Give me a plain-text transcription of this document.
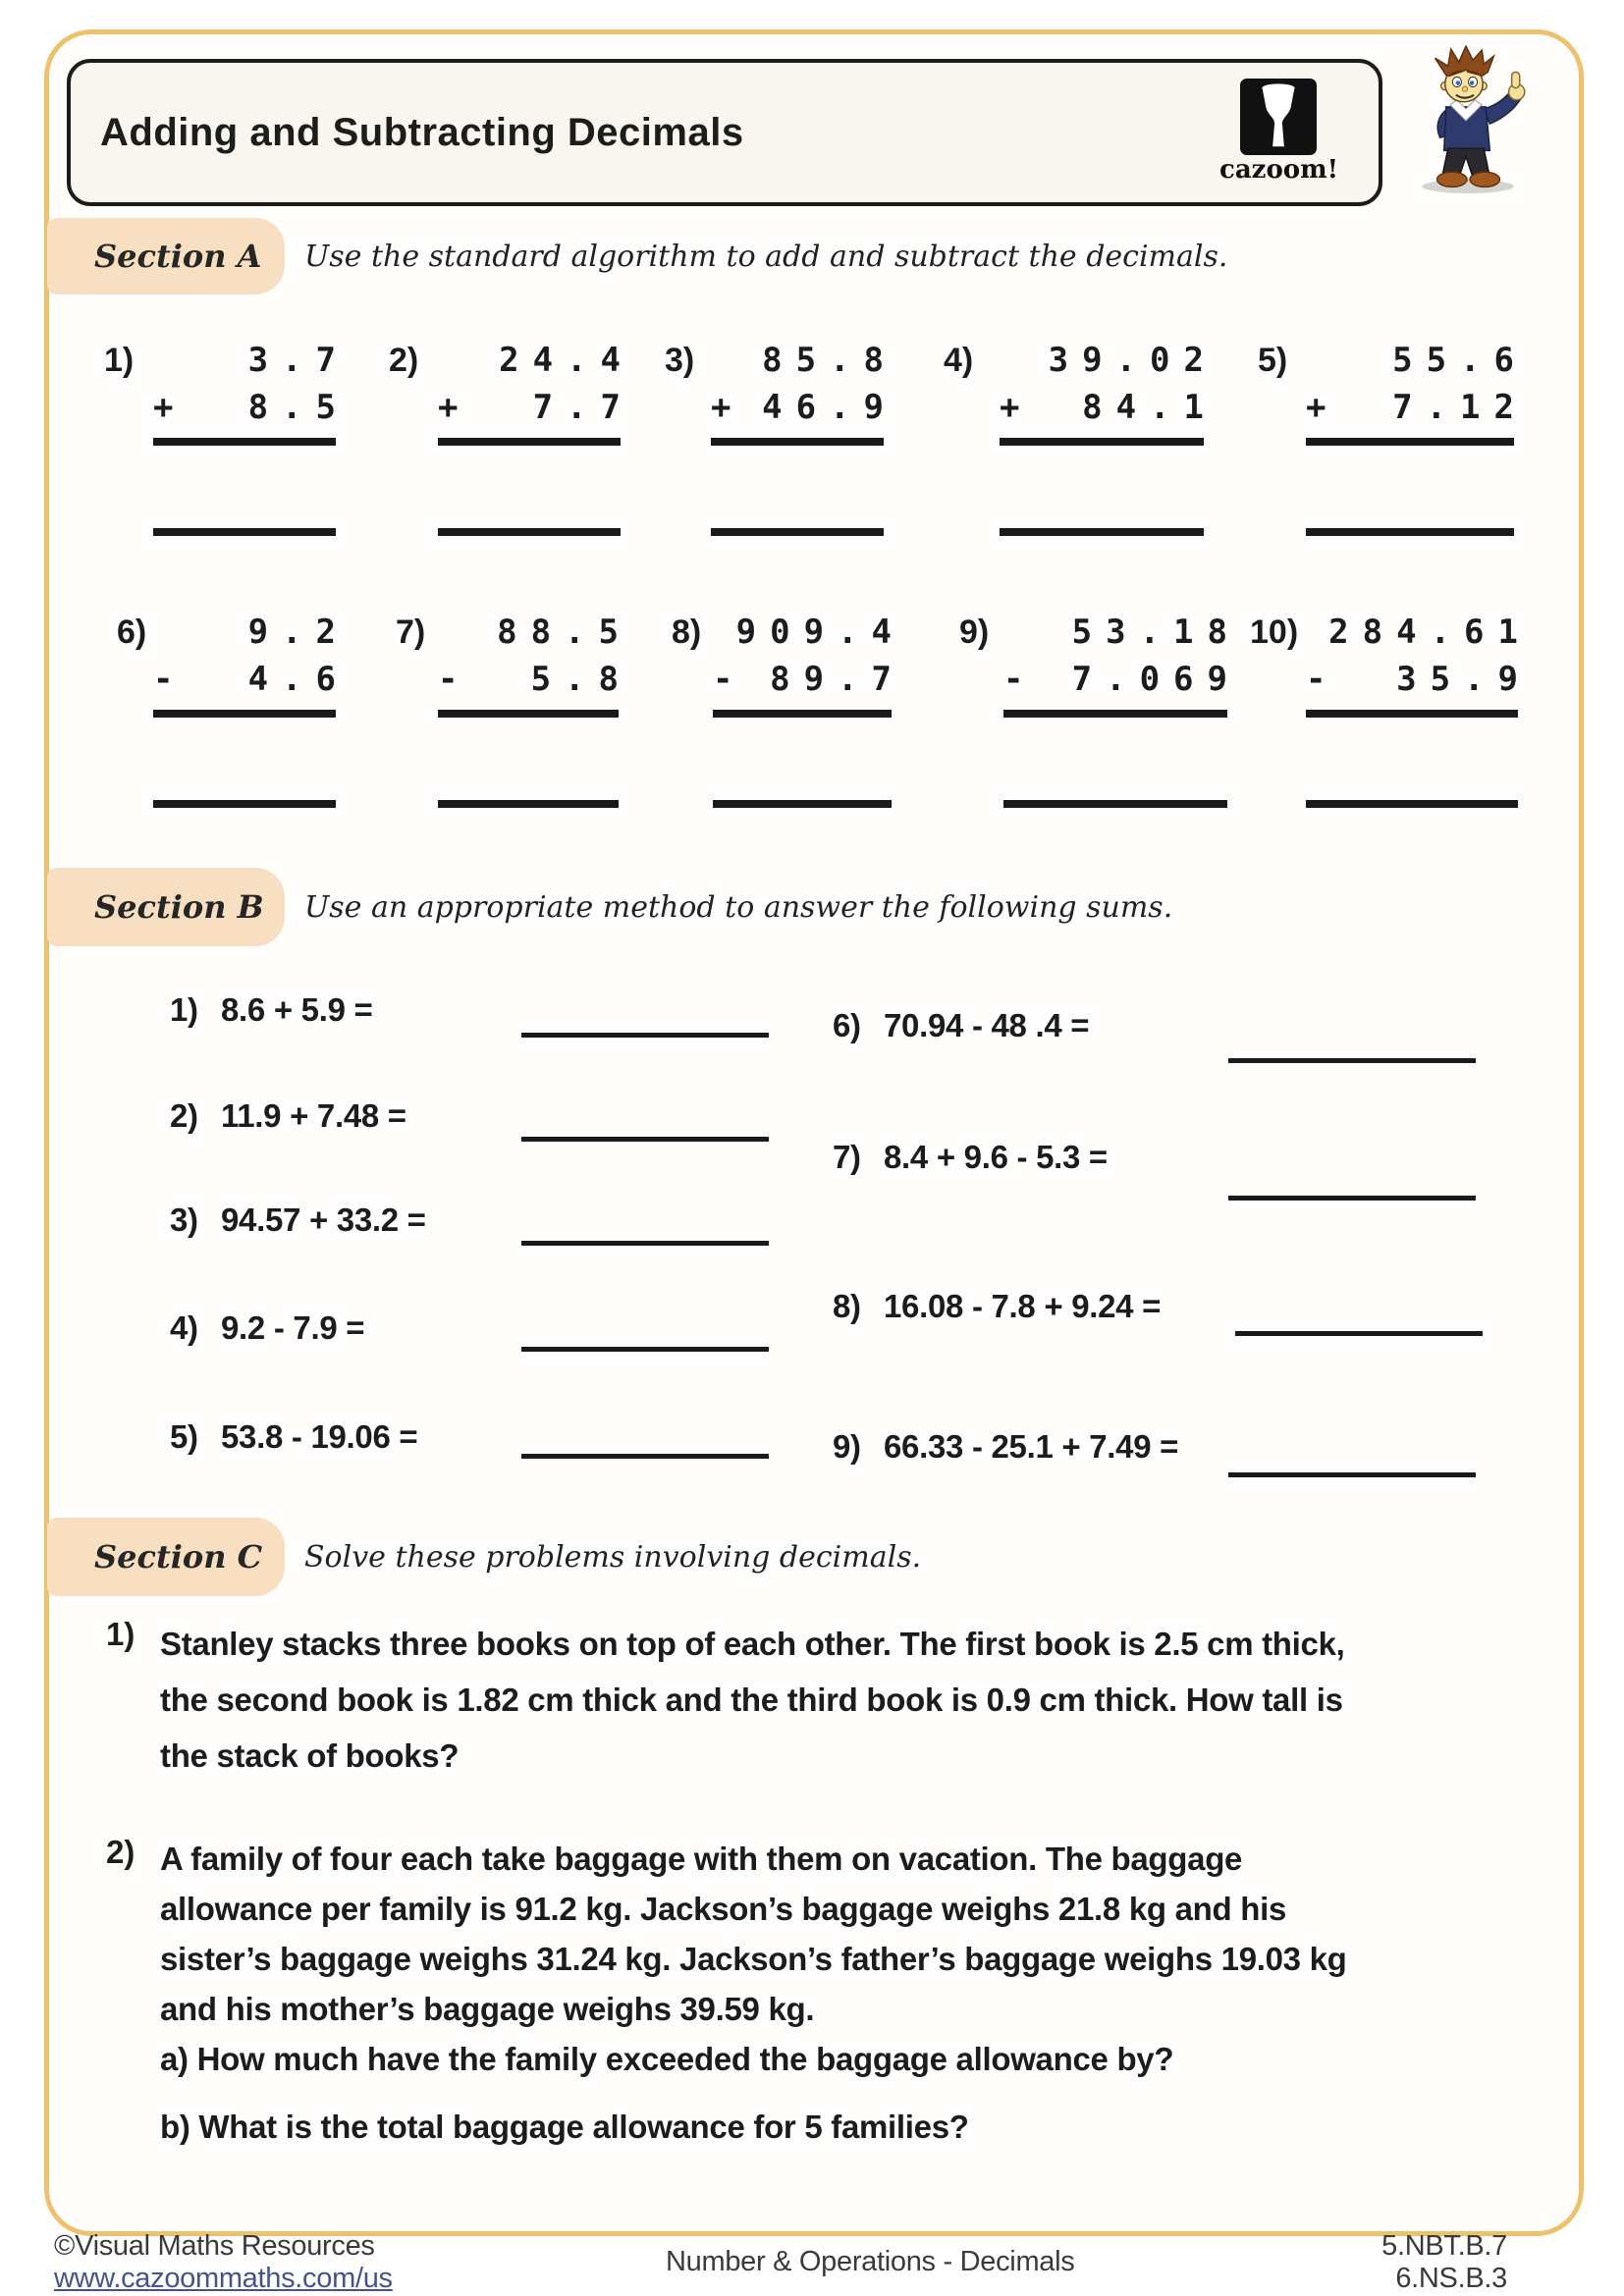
Adding and Subtracting Decimals
cazoom!
Section A Use the standard algorithm to add and subtract the decimals.
1)	3.7
+ 8.5
2)	24.4
+ 7.7
3)	85.8
+ 46.9
4)	39.02
+ 84.1
5)	55.6
+ 7.12
6)	9.2
- 4.6
7)	88.5
- 5.8
8)	909.4
- 89.7
9)	53.18
- 7.069
10) 284.61
- 35.9
Section B Use an appropriate method to answer the following sums.
1) 8.6 + 5.9 =
2) 11.9 + 7.48 =
3) 94.57 + 33.2 =
4) 9.2 - 7.9 =
5) 53.8 - 19.06 =
6) 70.94 - 48 .4 =
7) 8.4 + 9.6 - 5.3 =
8) 16.08 - 7.8 + 9.24 =
9) 66.33 - 25.1 + 7.49 =
Section C Solve these problems involving decimals.
1) Stanley stacks three books on top of each other. The first book is 2.5 cm thick,
the second book is 1.82 cm thick and the third book is 0.9 cm thick. How tall is
the stack of books?
2) A family of four each take baggage with them on vacation. The baggage
allowance per family is 91.2 kg. Jackson’s baggage weighs 21.8 kg and his
sister’s baggage weighs 31.24 kg. Jackson’s father’s baggage weighs 19.03 kg
and his mother’s baggage weighs 39.59 kg.
a) How much have the family exceeded the baggage allowance by?
b) What is the total baggage allowance for 5 families?
©Visual Maths Resources
www.cazoommaths.com/us
Number & Operations - Decimals	5.NBT.B.7
6.NS.B.3
